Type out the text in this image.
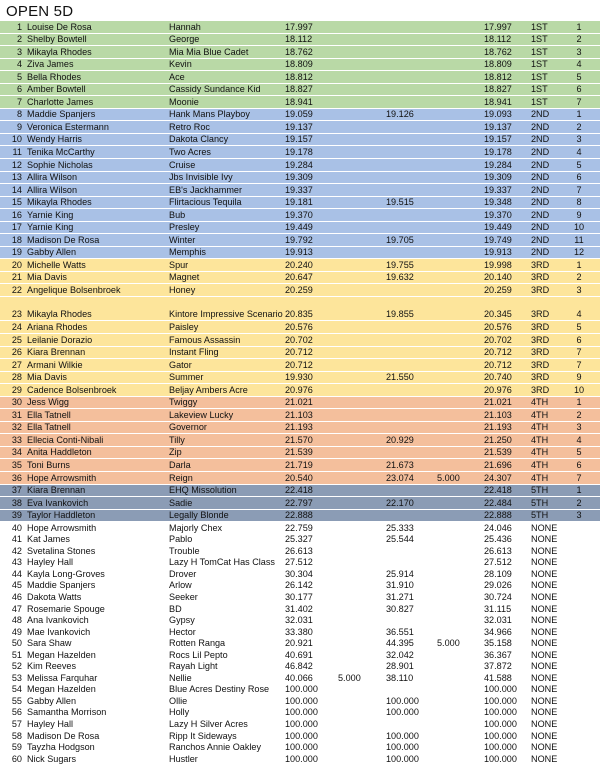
OPEN 5D
1	Louise De Rosa	Hannah	17.997				17.997	1ST	1
2	Shelby Bowtell	George	18.112				18.112	1ST	2
3	Mikayla Rhodes	Mia Mia Blue Cadet	18.762				18.762	1ST	3
4	Ziva James	Kevin	18.809				18.809	1ST	4
5	Bella Rhodes	Ace	18.812				18.812	1ST	5
6	Amber Bowtell	Cassidy Sundance Kid	18.827				18.827	1ST	6
7	Charlotte James	Moonie	18.941				18.941	1ST	7
8	Maddie Spanjers	Hank Mans Playboy	19.059		19.126		19.093	2ND	1
9	Veronica Estermann	Retro Roc	19.137				19.137	2ND	2
10	Wendy Harris	Dakota Clancy	19.157				19.157	2ND	3
11	Tenika McCarthy	Two Acres	19.178				19.178	2ND	4
12	Sophie Nicholas	Cruise	19.284				19.284	2ND	5
13	Allira Wilson	Jbs Invisible Ivy	19.309				19.309	2ND	6
14	Allira Wilson	EB's Jackhammer	19.337				19.337	2ND	7
15	Mikayla Rhodes	Flirtacious Tequila	19.181		19.515		19.348	2ND	8
16	Yarnie King	Bub	19.370				19.370	2ND	9
17	Yarnie King	Presley	19.449				19.449	2ND	10
18	Madison De Rosa	Winter	19.792		19.705		19.749	2ND	11
19	Gabby Allen	Memphis	19.913				19.913	2ND	12
20	Michelle Watts	Spur	20.240		19.755		19.998	3RD	1
21	Mia Davis	Magnet	20.647		19.632		20.140	3RD	2
22	Angelique Bolsenbroek	Honey	20.259				20.259	3RD	3
23	Mikayla Rhodes	Kintore Impressive Scenario	20.835		19.855		20.345	3RD	4
24	Ariana Rhodes	Paisley	20.576				20.576	3RD	5
25	Leilanie Dorazio	Famous Assassin	20.702				20.702	3RD	6
26	Kiara Brennan	Instant Fling	20.712				20.712	3RD	7
27	Armani Wilkie	Gator	20.712				20.712	3RD	7
28	Mia Davis	Summer	19.930		21.550		20.740	3RD	9
29	Cadence Bolsenbroek	Beljay Ambers Acre	20.976				20.976	3RD	10
30	Jess Wigg	Twiggy	21.021				21.021	4TH	1
31	Ella Tatnell	Lakeview Lucky	21.103				21.103	4TH	2
32	Ella Tatnell	Governor	21.193				21.193	4TH	3
33	Ellecia Conti-Nibali	Tilly	21.570		20.929		21.250	4TH	4
34	Anita Haddleton	Zip	21.539				21.539	4TH	5
35	Toni Burns	Darla	21.719		21.673		21.696	4TH	6
36	Hope Arrowsmith	Reign	20.540		23.074	5.000	24.307	4TH	7
37	Kiara Brennan	EHQ Missolution	22.418				22.418	5TH	1
38	Eva Ivankovich	Sadie	22.797		22.170		22.484	5TH	2
39	Taylor Haddleton	Legally Blonde	22.888				22.888	5TH	3
40	Hope Arrowsmith	Majorly Chex	22.759		25.333		24.046	NONE	
41	Kat James	Pablo	25.327		25.544		25.436	NONE	
42	Svetalina Stones	Trouble	26.613				26.613	NONE	
43	Hayley Hall	Lazy H TomCat Has Class	27.512				27.512	NONE	
44	Kayla Long-Groves	Drover	30.304		25.914		28.109	NONE	
45	Maddie Spanjers	Arlow	26.142		31.910		29.026	NONE	
46	Dakota Watts	Seeker	30.177		31.271		30.724	NONE	
47	Rosemarie Spouge	BD	31.402		30.827		31.115	NONE	
48	Ana Ivankovich	Gypsy	32.031				32.031	NONE	
49	Mae Ivankovich	Hector	33.380		36.551		34.966	NONE	
50	Sara Shaw	Rotten Ranga	20.921		44.395	5.000	35.158	NONE	
51	Megan Hazelden	Rocs Lil Pepto	40.691		32.042		36.367	NONE	
52	Kim Reeves	Rayah Light	46.842		28.901		37.872	NONE	
53	Melissa Farquhar	Nellie	40.066	5.000	38.110		41.588	NONE	
54	Megan Hazelden	Blue Acres Destiny Rose	100.000				100.000	NONE	
55	Gabby Allen	Ollie	100.000		100.000		100.000	NONE	
56	Samantha Morrison	Holly	100.000		100.000		100.000	NONE	
57	Hayley Hall	Lazy H Silver Acres	100.000				100.000	NONE	
58	Madison De Rosa	Ripp It Sideways	100.000		100.000		100.000	NONE	
59	Tayzha Hodgson	Ranchos Annie Oakley	100.000		100.000		100.000	NONE	
60	Nick Sugars	Hustler	100.000		100.000		100.000	NONE	
